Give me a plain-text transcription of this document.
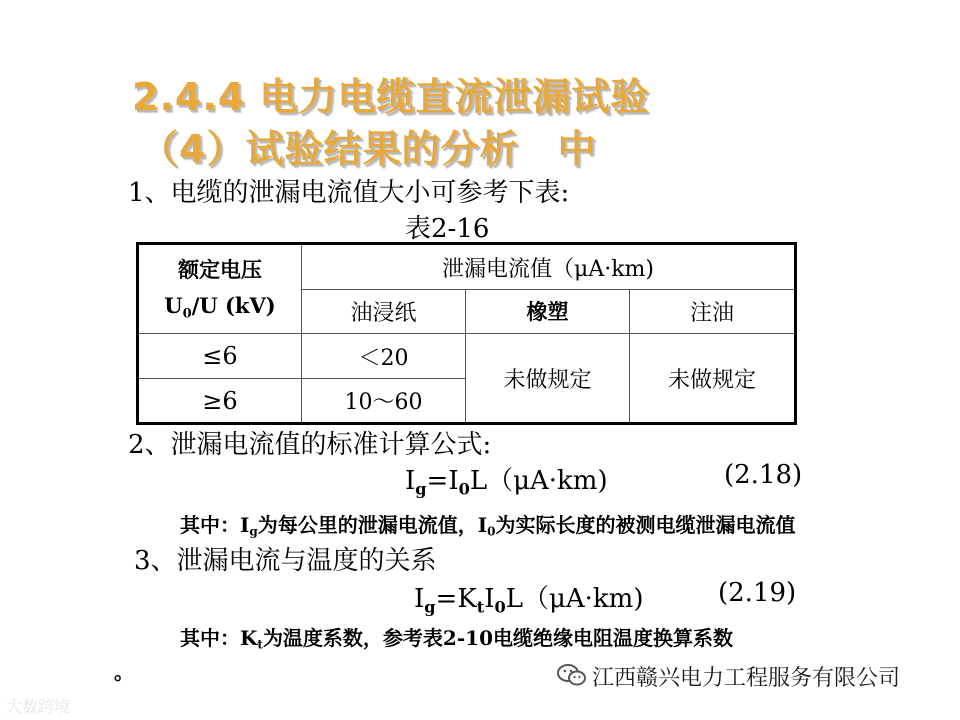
2.4.4 电力电缆直流泄漏试验
（4）试验结果的分析　中
1、电缆的泄漏电流值大小可参考下表:
表2-16
额定电压
$U_0/U$ (kV)	泄漏电流值（μA·km)		
	油浸纸	橡塑	注油
≤6	＜20	未做规定	未做规定
≥6	10～60		
2、泄漏电流值的标准计算公式:
$I_g=I_0L(\mu A\cdot km)$	(2.18)
其中：$I_g$为每公里的泄漏电流值，$I_0$为实际长度的被测电缆泄漏电流值
3、泄漏电流与温度的关系
$I_g=K_tI_0L(\mu A\cdot km)$	(2.19)
其中：$K_t$为温度系数，参考表2-10电缆绝缘电阻温度换算系数
。	江西赣兴电力工程服务有限公司
大数跨境
